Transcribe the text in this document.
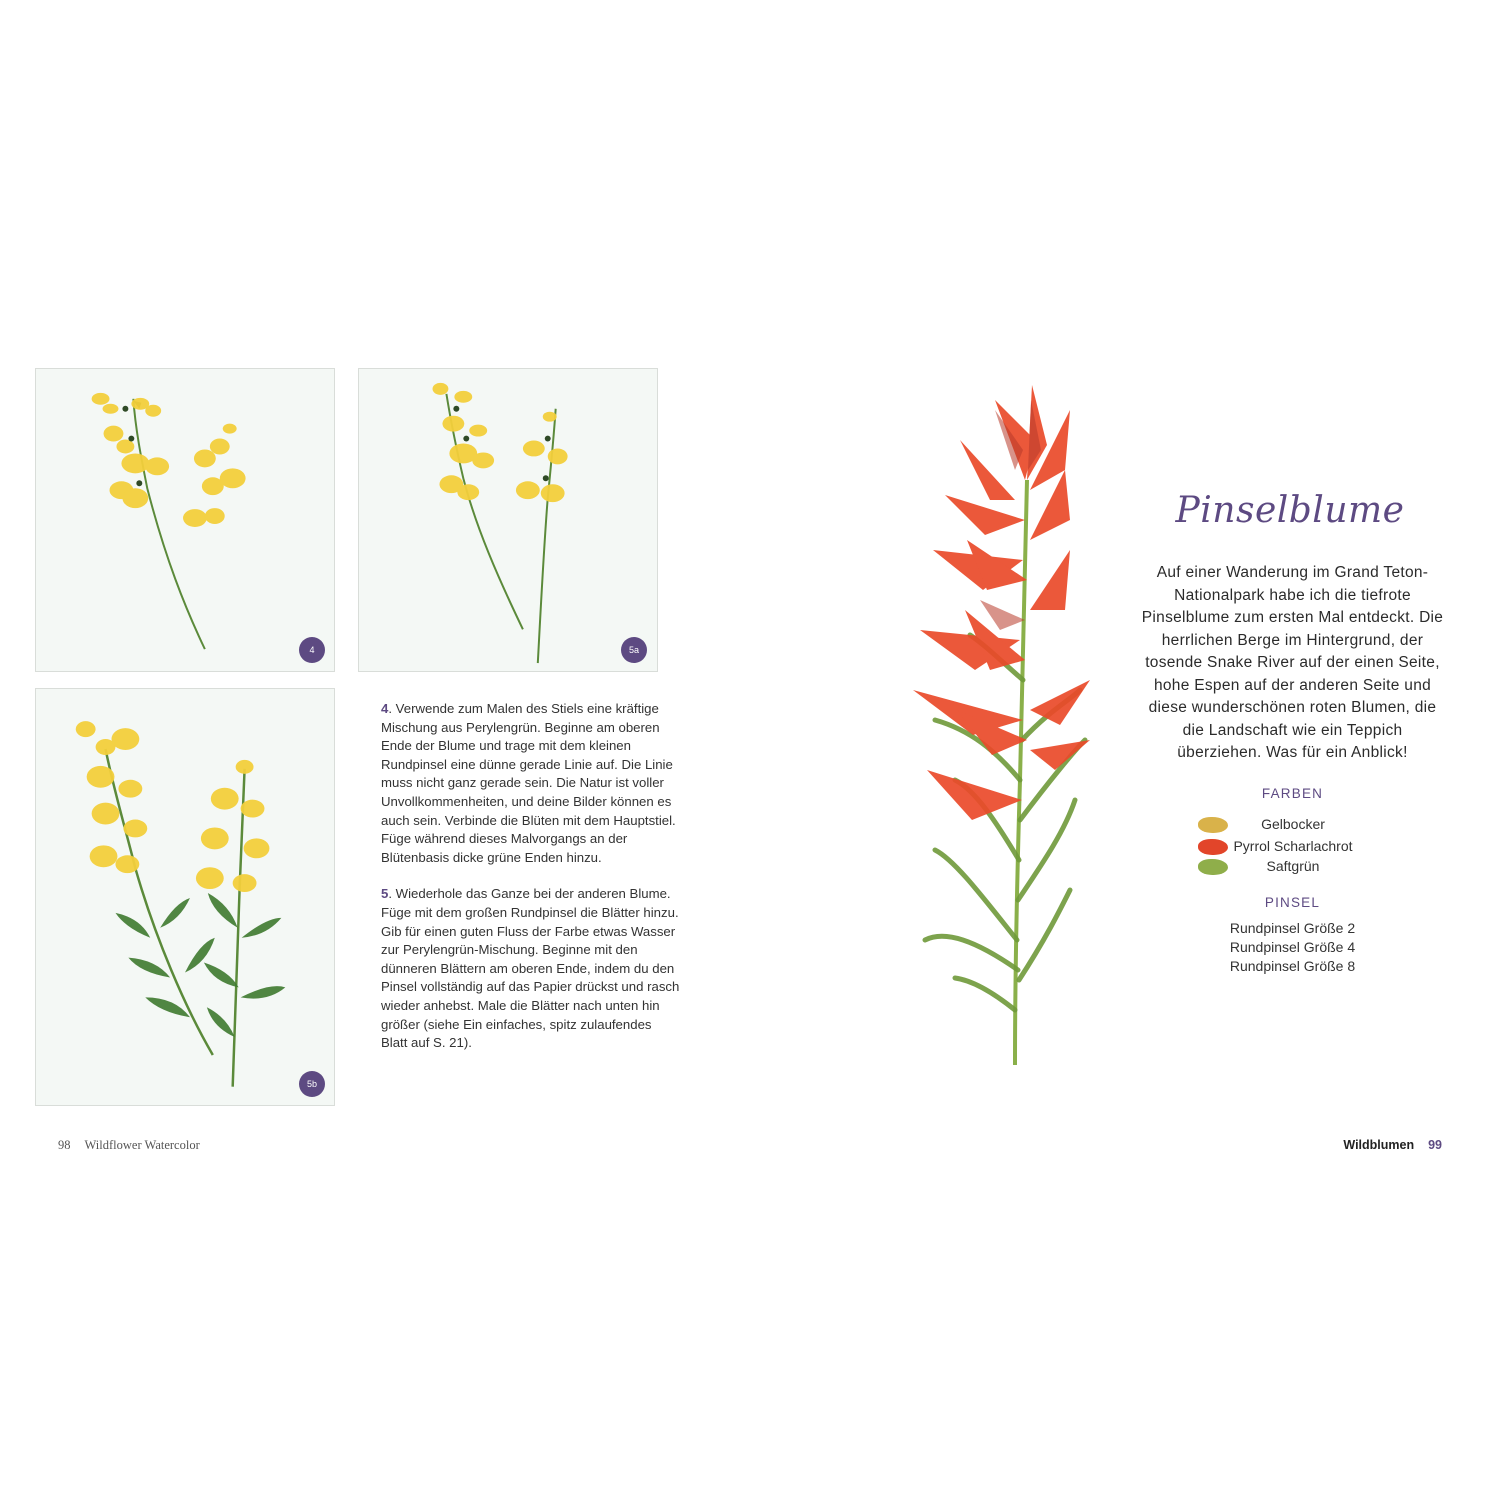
4	5a
5b

4. Verwende zum Malen des Stiels eine kräftige Mischung aus Perylengrün. Beginne am oberen Ende der Blume und trage mit dem kleinen Rundpinsel eine dünne gerade Linie auf. Die Linie muss nicht ganz gerade sein. Die Natur ist voller Unvollkommenheiten, und deine Bilder können es auch sein. Verbinde die Blüten mit dem Hauptstiel. Füge während dieses Malvorgangs an der Blütenbasis dicke grüne Enden hinzu.

5. Wiederhole das Ganze bei der anderen Blume. Füge mit dem großen Rundpinsel die Blätter hinzu. Gib für einen guten Fluss der Farbe etwas Wasser zur Perylengrün-Mischung. Beginne mit den dünneren Blättern am oberen Ende, indem du den Pinsel vollständig auf das Papier drückst und rasch wieder anhebst. Male die Blätter nach unten hin größer (siehe Ein einfaches, spitz zulaufendes Blatt auf S. 21).

98 Wildflower Watercolor
Pinselblume
Auf einer Wanderung im Grand Teton-Nationalpark habe ich die tiefrote Pinselblume zum ersten Mal entdeckt. Die herrlichen Berge im Hintergrund, der tosende Snake River auf der einen Seite, hohe Espen auf der anderen Seite und diese wunderschönen roten Blumen, die die Landschaft wie ein Teppich überziehen. Was für ein Anblick!
FARBEN
Gelbocker
Pyrrol Scharlachrot
Saftgrün
PINSEL
Rundpinsel Größe 2
Rundpinsel Größe 4
Rundpinsel Größe 8
Wildblumen 99
